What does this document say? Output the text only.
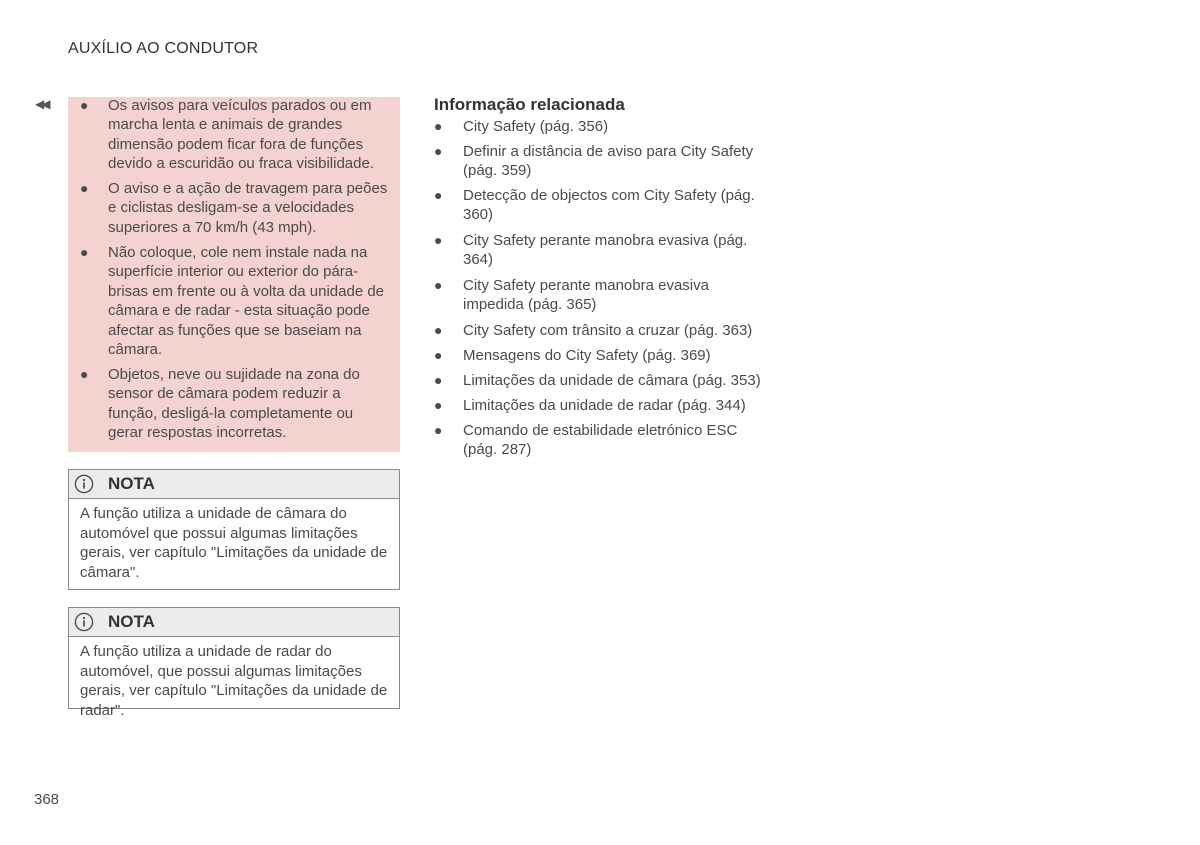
AUXÍLIO AO CONDUTOR
◀◀ ● Os avisos para veículos parados ou em marcha lenta e animais de grandes dimensão podem ficar fora de funções devido a escuridão ou fraca visibilidade.
● O aviso e a ação de travagem para peões e ciclistas desligam-se a velocidades superiores a 70 km/h (43 mph).
● Não coloque, cole nem instale nada na superfície interior ou exterior do pára-brisas em frente ou à volta da unidade de câmara e de radar - esta situação pode afectar as funções que se baseiam na câmara.
● Objetos, neve ou sujidade na zona do sensor de câmara podem reduzir a função, desligá-la completamente ou gerar respostas incorretas.
NOTA
A função utiliza a unidade de câmara do automóvel que possui algumas limitações gerais, ver capítulo "Limitações da unidade de câmara".
NOTA
A função utiliza a unidade de radar do automóvel, que possui algumas limitações gerais, ver capítulo "Limitações da unidade de radar".
Informação relacionada
● City Safety (pág. 356)
● Definir a distância de aviso para City Safety (pág. 359)
● Detecção de objectos com City Safety (pág. 360)
● City Safety perante manobra evasiva (pág. 364)
● City Safety perante manobra evasiva impedida (pág. 365)
● City Safety com trânsito a cruzar (pág. 363)
● Mensagens do City Safety (pág. 369)
● Limitações da unidade de câmara (pág. 353)
● Limitações da unidade de radar (pág. 344)
● Comando de estabilidade eletrónico ESC (pág. 287)
368
